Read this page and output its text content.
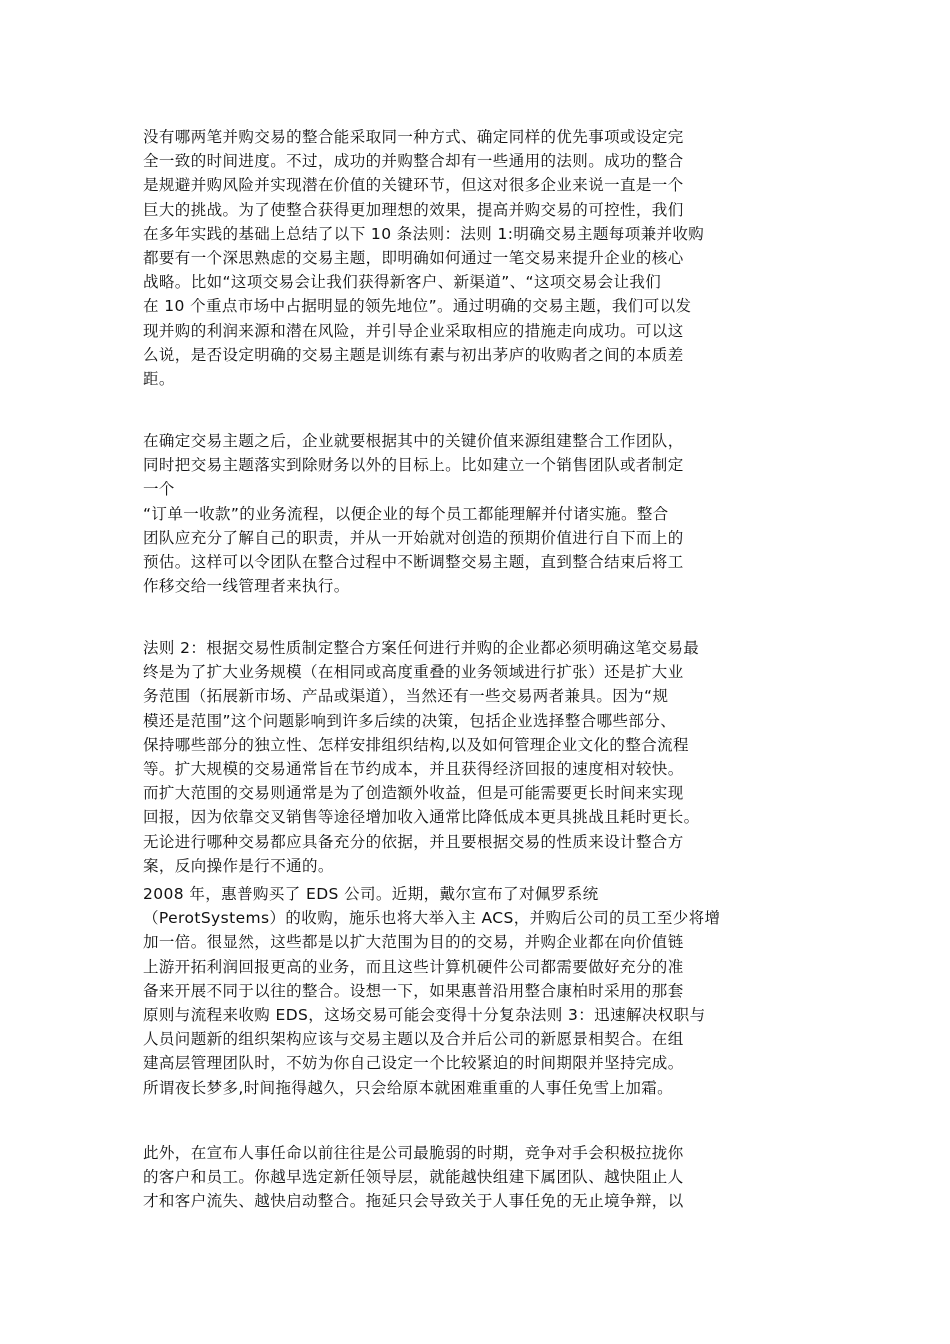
没有哪两笔并购交易的整合能采取同一种方式、确定同样的优先事项或设定完
全一致的时间进度。不过，成功的并购整合却有一些通用的法则。成功的整合
是规避并购风险并实现潜在价值的关键环节，但这对很多企业来说一直是一个
巨大的挑战。为了使整合获得更加理想的效果，提高并购交易的可控性，我们
在多年实践的基础上总结了以下 10 条法则：法则 1:明确交易主题每项兼并收购
都要有一个深思熟虑的交易主题，即明确如何通过一笔交易来提升企业的核心
战略。比如“这项交易会让我们获得新客户、新渠道”、“这项交易会让我们
在 10 个重点市场中占据明显的领先地位”。通过明确的交易主题，我们可以发
现并购的利润来源和潜在风险，并引导企业采取相应的措施走向成功。可以这
么说，是否设定明确的交易主题是训练有素与初出茅庐的收购者之间的本质差
距。
在确定交易主题之后，企业就要根据其中的关键价值来源组建整合工作团队，
同时把交易主题落实到除财务以外的目标上。比如建立一个销售团队或者制定
一个
“订单一收款”的业务流程，以便企业的每个员工都能理解并付诸实施。整合
团队应充分了解自己的职责，并从一开始就对创造的预期价值进行自下而上的
预估。这样可以令团队在整合过程中不断调整交易主题，直到整合结束后将工
作移交给一线管理者来执行。
法则 2：根据交易性质制定整合方案任何进行并购的企业都必须明确这笔交易最
终是为了扩大业务规模（在相同或高度重叠的业务领域进行扩张）还是扩大业
务范围（拓展新市场、产品或渠道），当然还有一些交易两者兼具。因为“规
模还是范围”这个问题影响到许多后续的决策，包括企业选择整合哪些部分、
保持哪些部分的独立性、怎样安排组织结构,以及如何管理企业文化的整合流程
等。扩大规模的交易通常旨在节约成本，并且获得经济回报的速度相对较快。
而扩大范围的交易则通常是为了创造额外收益，但是可能需要更长时间来实现
回报，因为依靠交叉销售等途径增加收入通常比降低成本更具挑战且耗时更长。
无论进行哪种交易都应具备充分的依据，并且要根据交易的性质来设计整合方
案，反向操作是行不通的。
2008 年，惠普购买了 EDS 公司。近期，戴尔宣布了对佩罗系统
（PerotSystems）的收购，施乐也将大举入主 ACS，并购后公司的员工至少将增
加一倍。很显然，这些都是以扩大范围为目的的交易，并购企业都在向价值链
上游开拓利润回报更高的业务，而且这些计算机硬件公司都需要做好充分的准
备来开展不同于以往的整合。设想一下，如果惠普沿用整合康柏时采用的那套
原则与流程来收购 EDS，这场交易可能会变得十分复杂法则 3：迅速解决权职与
人员问题新的组织架构应该与交易主题以及合并后公司的新愿景相契合。在组
建高层管理团队时，不妨为你自己设定一个比较紧迫的时间期限并坚持完成。
所谓夜长梦多,时间拖得越久，只会给原本就困难重重的人事任免雪上加霜。
此外，在宣布人事任命以前往往是公司最脆弱的时期，竞争对手会积极拉拢你
的客户和员工。你越早选定新任领导层，就能越快组建下属团队、越快阻止人
才和客户流失、越快启动整合。拖延只会导致关于人事任免的无止境争辩，以
